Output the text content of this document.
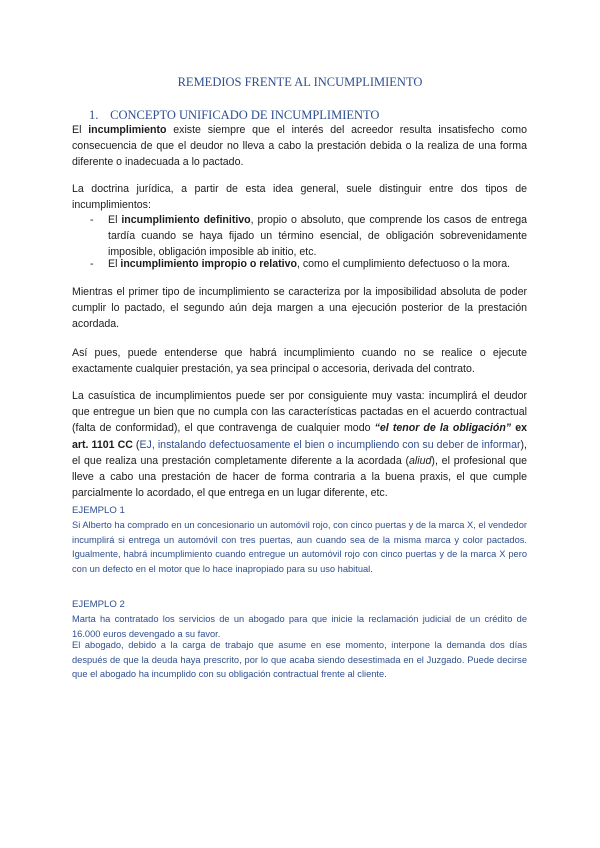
REMEDIOS FRENTE AL INCUMPLIMIENTO
1. CONCEPTO UNIFICADO DE INCUMPLIMIENTO
El incumplimiento existe siempre que el interés del acreedor resulta insatisfecho como consecuencia de que el deudor no lleva a cabo la prestación debida o la realiza de una forma diferente o inadecuada a lo pactado.
La doctrina jurídica, a partir de esta idea general, suele distinguir entre dos tipos de incumplimientos:
- El incumplimiento definitivo, propio o absoluto, que comprende los casos de entrega tardía cuando se haya fijado un término esencial, de obligación sobrevenidamente imposible, obligación imposible ab initio, etc.
- El incumplimiento impropio o relativo, como el cumplimiento defectuoso o la mora.
Mientras el primer tipo de incumplimiento se caracteriza por la imposibilidad absoluta de poder cumplir lo pactado, el segundo aún deja margen a una ejecución posterior de la prestación acordada.
Así pues, puede entenderse que habrá incumplimiento cuando no se realice o ejecute exactamente cualquier prestación, ya sea principal o accesoria, derivada del contrato.
La casuística de incumplimientos puede ser por consiguiente muy vasta: incumplirá el deudor que entregue un bien que no cumpla con las características pactadas en el acuerdo contractual (falta de conformidad), el que contravenga de cualquier modo “el tenor de la obligación” ex art. 1101 CC (EJ, instalando defectuosamente el bien o incumpliendo con su deber de informar), el que realiza una prestación completamente diferente a la acordada (aliud), el profesional que lleve a cabo una prestación de hacer de forma contraria a la buena praxis, el que cumple parcialmente lo acordado, el que entrega en un lugar diferente, etc.
EJEMPLO 1
Si Alberto ha comprado en un concesionario un automóvil rojo, con cinco puertas y de la marca X, el vendedor incumplirá si entrega un automóvil con tres puertas, aun cuando sea de la misma marca y color pactados. Igualmente, habrá incumplimiento cuando entregue un automóvil rojo con cinco puertas y de la marca X pero con un defecto en el motor que lo hace inapropiado para su uso habitual.
EJEMPLO 2
Marta ha contratado los servicios de un abogado para que inicie la reclamación judicial de un crédito de 16.000 euros devengado a su favor.
El abogado, debido a la carga de trabajo que asume en ese momento, interpone la demanda dos días después de que la deuda haya prescrito, por lo que acaba siendo desestimada en el Juzgado. Puede decirse que el abogado ha incumplido con su obligación contractual frente al cliente.
